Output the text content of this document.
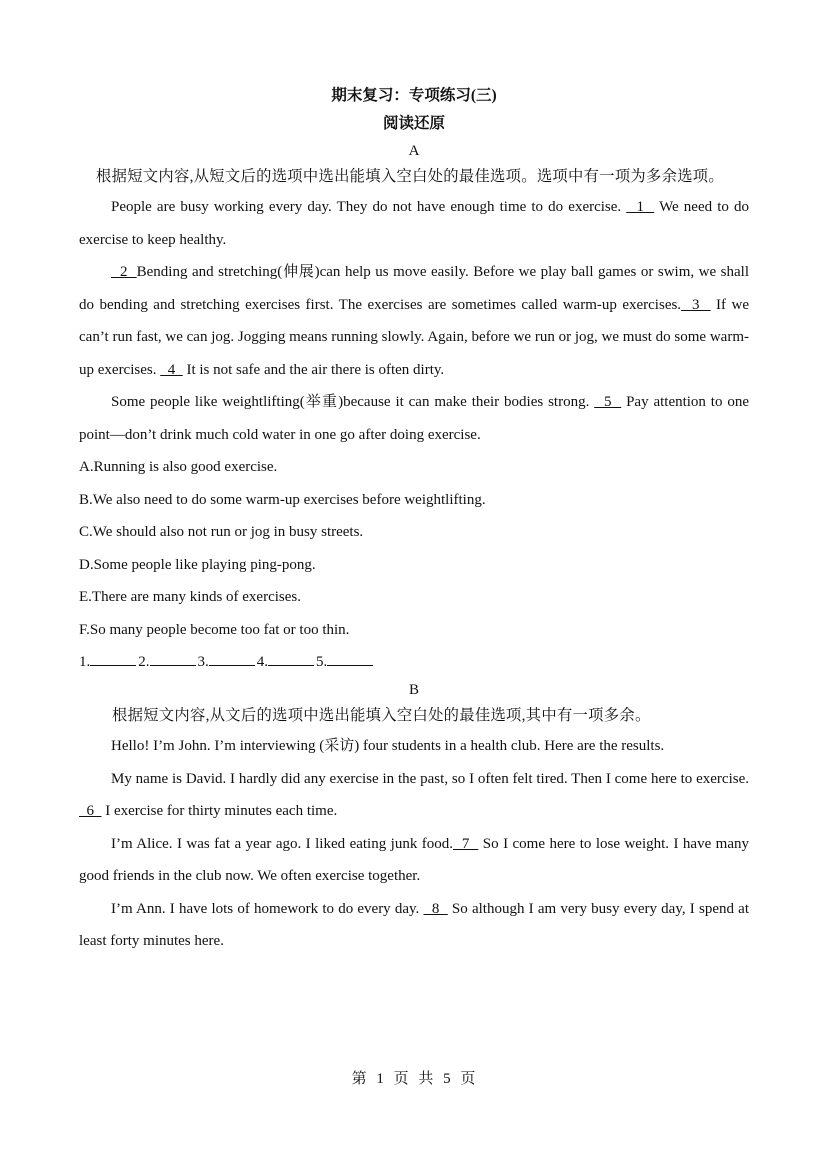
期末复习：专项练习(三)

阅读还原

A

根据短文内容,从短文后的选项中选出能填入空白处的最佳选项。选项中有一项为多余选项。

People are busy working every day. They do not have enough time to do exercise.   1   We need to do exercise to keep healthy.

2  Bending and stretching(伸展)can help us move easily. Before we play ball games or swim, we shall do bending and stretching exercises first. The exercises are sometimes called warm-up exercises.  3   If we can’t run fast, we can jog. Jogging means running slowly. Again, before we run or jog, we must do some warm-up exercises.   4   It is not safe and the air there is often dirty.

Some people like weightlifting(举重)because it can make their bodies strong.   5   Pay attention to one point—don’t drink much cold water in one go after doing exercise.

A.Running is also good exercise.

B.We also need to do some warm-up exercises before weightlifting.

C.We should also not run or jog in busy streets.

D.Some people like playing ping-pong.

E.There are many kinds of exercises.

F.So many people become too fat or too thin.

1.	2.	3.	4.	5.

B

根据短文内容,从文后的选项中选出能填入空白处的最佳选项,其中有一项多余。

Hello! I’m John. I’m interviewing (采访) four students in a health club. Here are the results.

My name is David. I hardly did any exercise in the past, so I often felt tired. Then I come here to exercise.   6   I exercise for thirty minutes each time.

I’m Alice. I was fat a year ago. I liked eating junk food.  7   So I come here to lose weight. I have many good friends in the club now. We often exercise together.

I’m Ann. I have lots of homework to do every day.   8   So although I am very busy every day, I spend at least forty minutes here.

第 1 页 共 5 页
